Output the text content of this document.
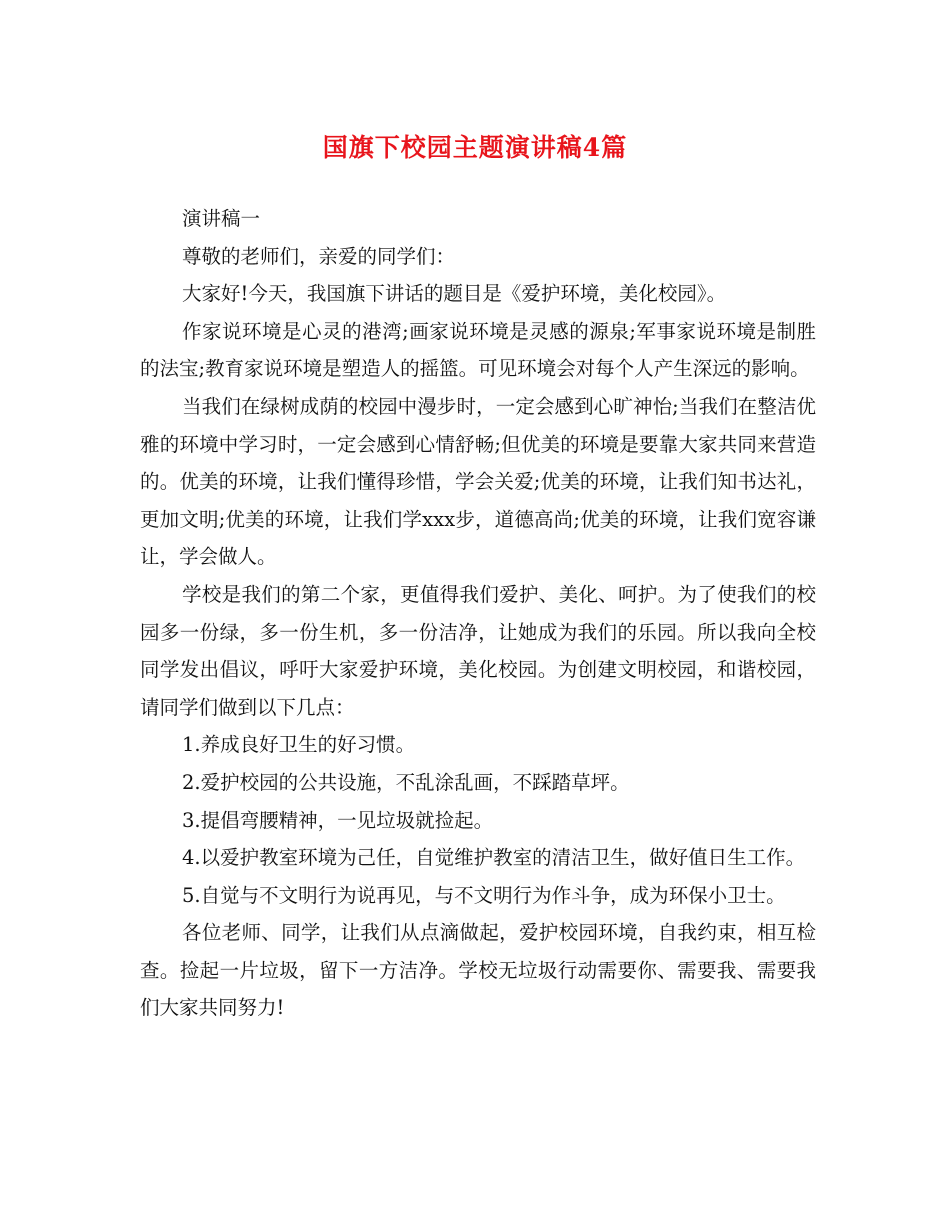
国旗下校园主题演讲稿4篇

演讲稿一

尊敬的老师们，亲爱的同学们：

大家好!今天，我国旗下讲话的题目是《爱护环境，美化校园》。

作家说环境是心灵的港湾;画家说环境是灵感的源泉;军事家说环境是制胜的法宝;教育家说环境是塑造人的摇篮。可见环境会对每个人产生深远的影响。

当我们在绿树成荫的校园中漫步时，一定会感到心旷神怡;当我们在整洁优雅的环境中学习时，一定会感到心情舒畅;但优美的环境是要靠大家共同来营造的。优美的环境，让我们懂得珍惜，学会关爱;优美的环境，让我们知书达礼，更加文明;优美的环境，让我们学xxx步，道德高尚;优美的环境，让我们宽容谦让，学会做人。

学校是我们的第二个家，更值得我们爱护、美化、呵护。为了使我们的校园多一份绿，多一份生机，多一份洁净，让她成为我们的乐园。所以我向全校同学发出倡议，呼吁大家爱护环境，美化校园。为创建文明校园，和谐校园，请同学们做到以下几点：

1.养成良好卫生的好习惯。

2.爱护校园的公共设施，不乱涂乱画，不踩踏草坪。

3.提倡弯腰精神，一见垃圾就捡起。

4.以爱护教室环境为己任，自觉维护教室的清洁卫生，做好值日生工作。

5.自觉与不文明行为说再见，与不文明行为作斗争，成为环保小卫士。

各位老师、同学，让我们从点滴做起，爱护校园环境，自我约束，相互检查。捡起一片垃圾，留下一方洁净。学校无垃圾行动需要你、需要我、需要我们大家共同努力!
